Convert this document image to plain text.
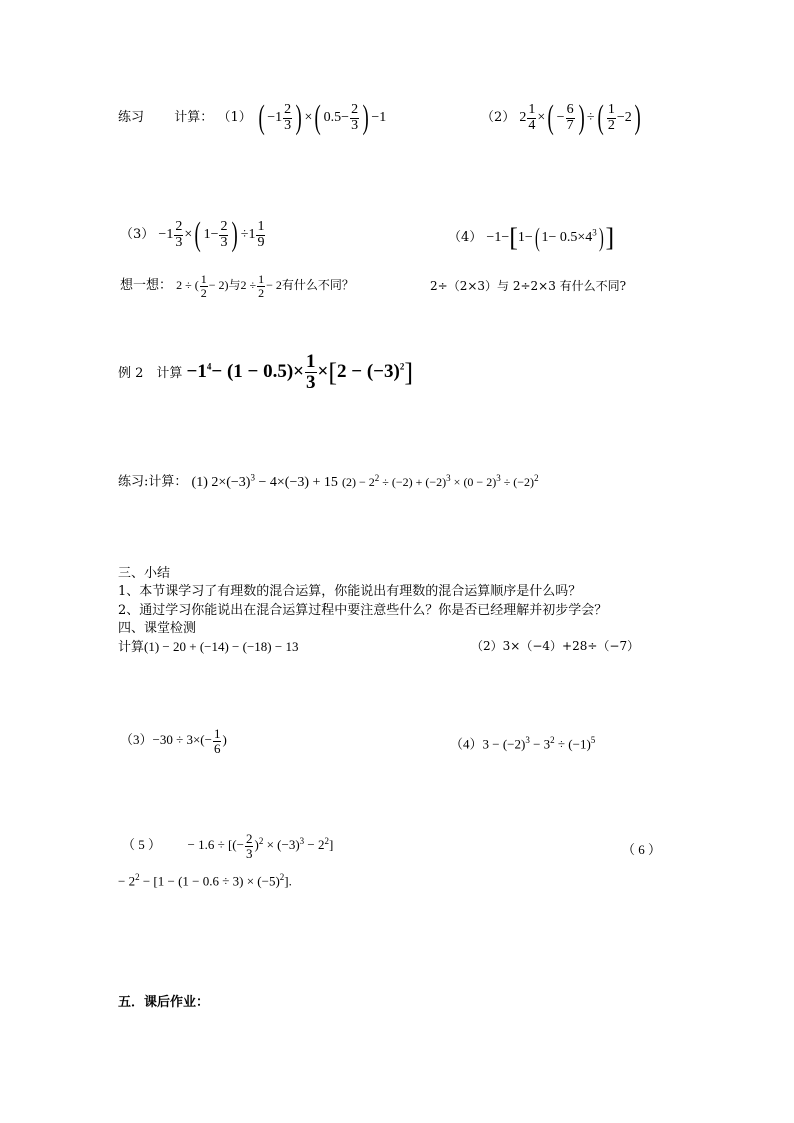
练习 计算： （1） ( $-1 \frac{2}{3}$ ) ×( $0.5- \frac{2}{3}$ ) −1	（2） $2 \frac{1}{4}$ ×( − $\frac{6}{7}$ ) ÷( $\frac{1}{2} -2$)
$(3) -1 \frac{2}{3}$ ×( $1- \frac{2}{3}$ ) $\div 1 \frac{1}{9}$	（4） −1−[1−( $1- 0.5\times 4^3$)]
想一想： 2 ÷ ( $\frac{1}{2} - 2$)与$2 \div \frac{1}{2} - 2$有什么不同？	2÷（2×3）与 2÷2×3 有什么不同?
例 2　计算 $-1^4- (1 - 0.5)\times \frac{1}{3} \times[2 - (-3)^2]$
练习:计算： (1) $2\times(-3)^3 - 4\times(-3) + 15$ $(2) - 2^2 \div (-2) + (-2)^3 \times (0 - 2)^3 \div (-2)^2$
三、小结
1、本节课学习了有理数的混合运算，你能说出有理数的混合运算顺序是什么吗？
2、通过学习你能说出在混合运算过程中要注意些什么？你是否已经理解并初步学会？
四、课堂检测
计算(1) − 20 + (−14) − (−18) − 13	（2）3×（−4）+28÷（−7）
$(3)-30 \div 3\times(- \frac{1}{6}$ )	$(4)3 - (-2)^3 - 3^2 \div (-1)^5$
（ 5 ） − 1.6 ÷ [(− $\frac{2}{3} )^2 \times (-3)^3 - 2^2$]	（ 6 ）
− $2^2 - [1 - (1 - 0.6 \div 3) \times (-5)^2]$.
五．课后作业：
